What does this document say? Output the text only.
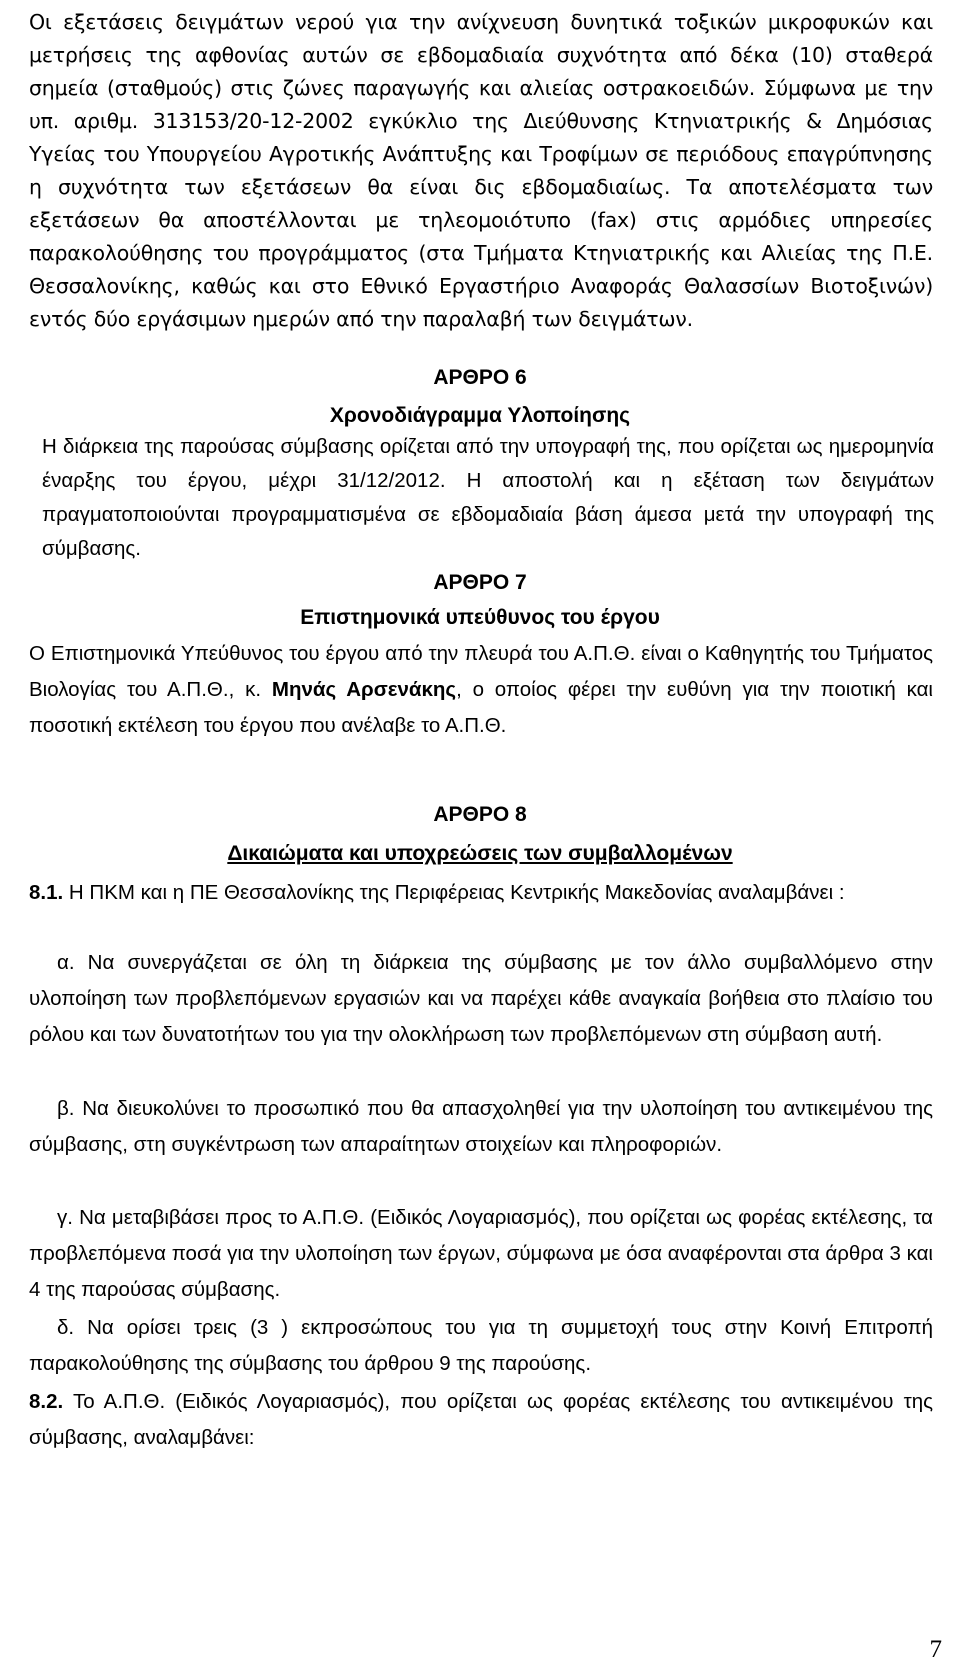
Οι εξετάσεις δειγμάτων νερού για την ανίχνευση δυνητικά τοξικών μικροφυκών και μετρήσεις της αφθονίας αυτών σε εβδομαδιαία συχνότητα από δέκα (10) σταθερά σημεία (σταθμούς) στις ζώνες παραγωγής και αλιείας οστρακοειδών. Σύμφωνα με την υπ. αριθμ. 313153/20-12-2002 εγκύκλιο της Διεύθυνσης Κτηνιατρικής & Δημόσιας Υγείας του Υπουργείου Αγροτικής Ανάπτυξης και Τροφίμων σε περιόδους επαγρύπνησης η συχνότητα των εξετάσεων θα είναι δις εβδομαδιαίως. Τα αποτελέσματα των εξετάσεων θα αποστέλλονται με τηλεομοιότυπο (fax) στις αρμόδιες υπηρεσίες παρακολούθησης του προγράμματος (στα Τμήματα Κτηνιατρικής και Αλιείας της Π.Ε. Θεσσαλονίκης, καθώς και στο Εθνικό Εργαστήριο Αναφοράς Θαλασσίων Βιοτοξινών) εντός δύο εργάσιμων ημερών από την παραλαβή των δειγμάτων.
ΑΡΘΡΟ 6
Χρονοδιάγραμμα Υλοποίησης
Η διάρκεια της παρούσας σύμβασης ορίζεται από την υπογραφή της, που ορίζεται ως ημερομηνία έναρξης του έργου, μέχρι 31/12/2012. Η αποστολή και η εξέταση των δειγμάτων πραγματοποιούνται προγραμματισμένα σε εβδομαδιαία βάση άμεσα μετά την υπογραφή της σύμβασης.
ΑΡΘΡΟ 7
Επιστημονικά υπεύθυνος του έργου
Ο Επιστημονικά Υπεύθυνος του έργου από την πλευρά του Α.Π.Θ. είναι ο Καθηγητής του Τμήματος Βιολογίας του Α.Π.Θ., κ. Μηνάς Αρσενάκης, ο οποίος φέρει την ευθύνη για την ποιοτική και ποσοτική εκτέλεση του έργου που ανέλαβε το Α.Π.Θ.
ΑΡΘΡΟ 8
Δικαιώματα και υποχρεώσεις των συμβαλλομένων
8.1. Η ΠΚΜ και η ΠΕ Θεσσαλονίκης της Περιφέρειας Κεντρικής Μακεδονίας αναλαμβάνει :
α. Να συνεργάζεται σε όλη τη διάρκεια της σύμβασης με τον άλλο συμβαλλόμενο στην υλοποίηση των προβλεπόμενων εργασιών και να παρέχει κάθε αναγκαία βοήθεια στο πλαίσιο του ρόλου και των δυνατοτήτων του για την ολοκλήρωση των προβλεπόμενων στη σύμβαση αυτή.
β. Να διευκολύνει το προσωπικό που θα απασχοληθεί για την υλοποίηση του αντικειμένου της σύμβασης, στη συγκέντρωση των απαραίτητων στοιχείων και πληροφοριών.
γ. Να μεταβιβάσει προς το Α.Π.Θ. (Ειδικός Λογαριασμός), που ορίζεται ως φορέας εκτέλεσης, τα προβλεπόμενα ποσά για την υλοποίηση των έργων, σύμφωνα με όσα αναφέρονται στα άρθρα 3 και 4 της παρούσας σύμβασης.
δ. Να ορίσει τρεις (3 ) εκπροσώπους του για τη συμμετοχή τους στην Κοινή Επιτροπή παρακολούθησης της σύμβασης του άρθρου 9 της παρούσης.
8.2. Το Α.Π.Θ. (Ειδικός Λογαριασμός), που ορίζεται ως φορέας εκτέλεσης του αντικειμένου της σύμβασης, αναλαμβάνει:
7
